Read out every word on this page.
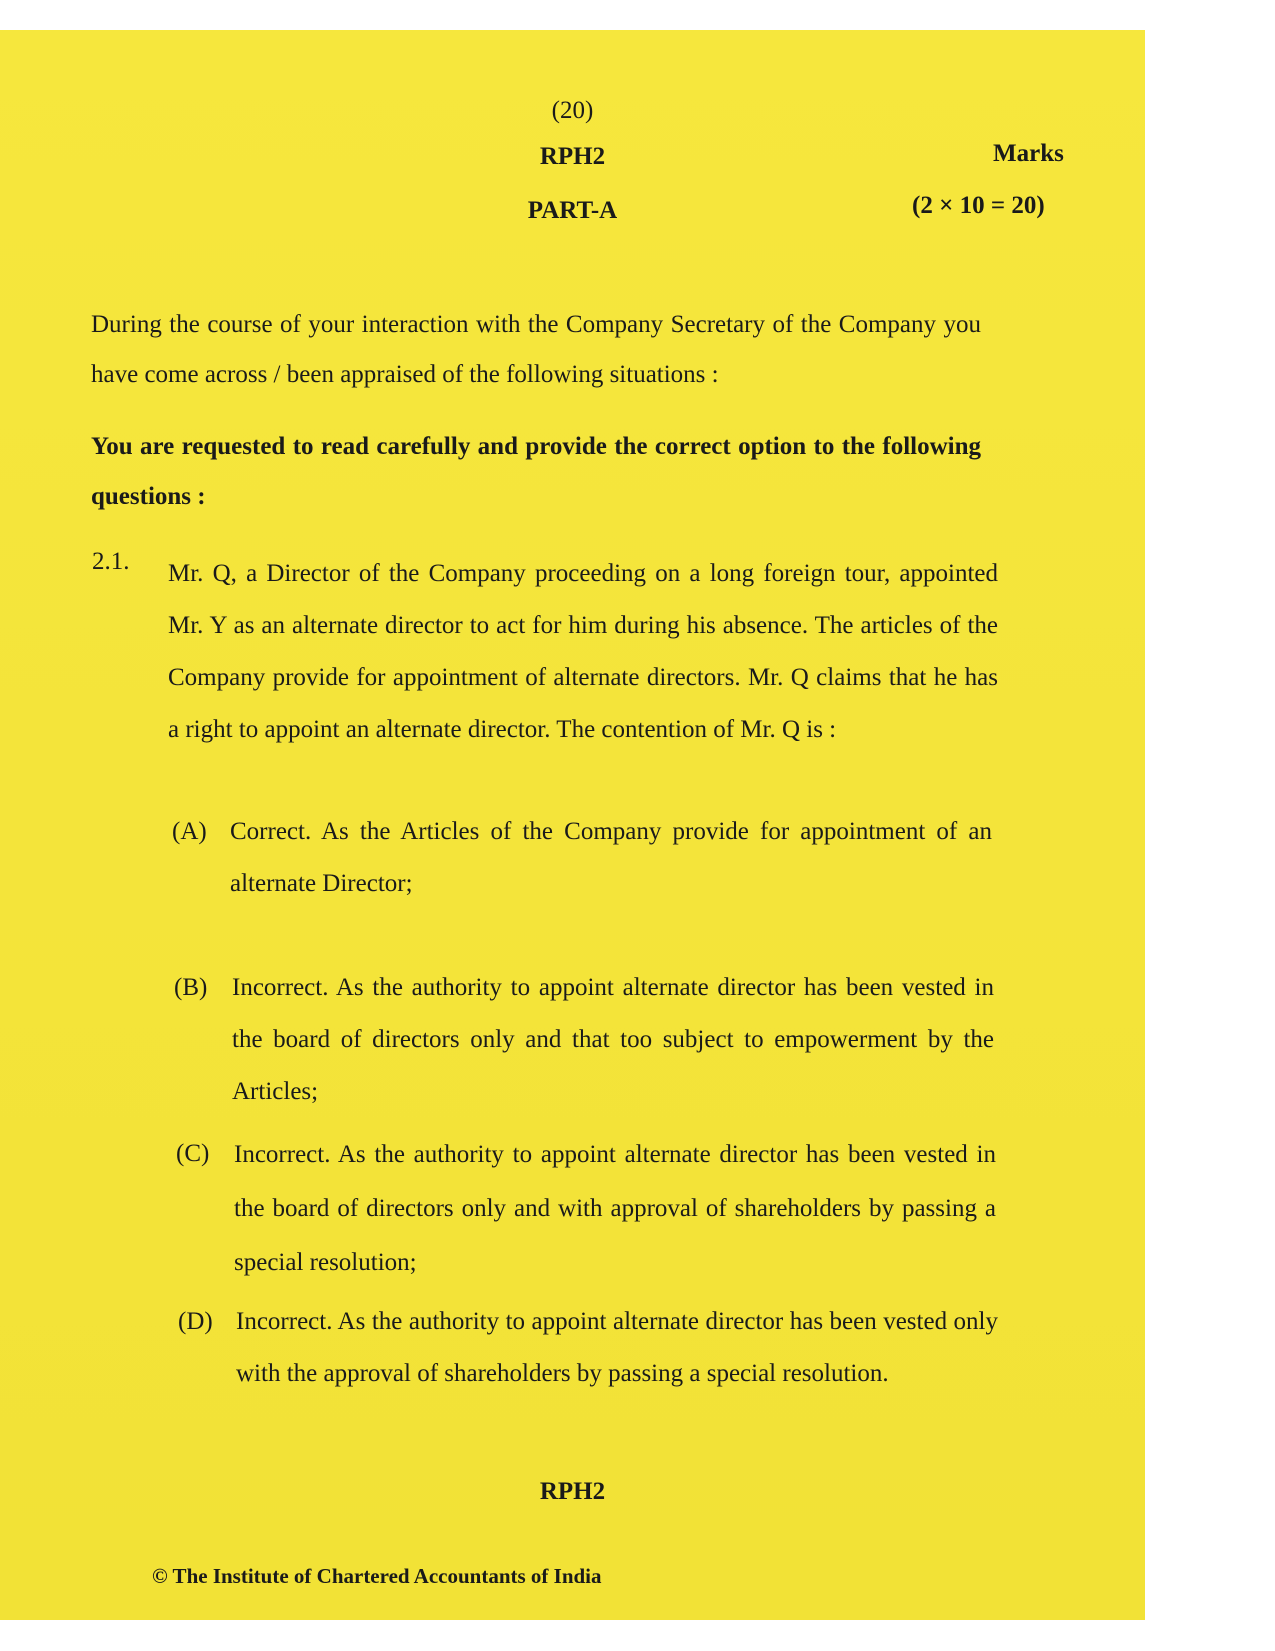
(20)
RPH2	Marks
PART-A	(2 × 10 = 20)
During the course of your interaction with the Company Secretary of the Company you have come across / been appraised of the following situations :
You are requested to read carefully and provide the correct option to the following questions :
2.1. Mr. Q, a Director of the Company proceeding on a long foreign tour, appointed Mr. Y as an alternate director to act for him during his absence. The articles of the Company provide for appointment of alternate directors. Mr. Q claims that he has a right to appoint an alternate director. The contention of Mr. Q is :
(A) Correct. As the Articles of the Company provide for appointment of an alternate Director;
(B) Incorrect. As the authority to appoint alternate director has been vested in the board of directors only and that too subject to empowerment by the Articles;
(C) Incorrect. As the authority to appoint alternate director has been vested in the board of directors only and with approval of shareholders by passing a special resolution;
(D) Incorrect. As the authority to appoint alternate director has been vested only with the approval of shareholders by passing a special resolution.
RPH2
© The Institute of Chartered Accountants of India
